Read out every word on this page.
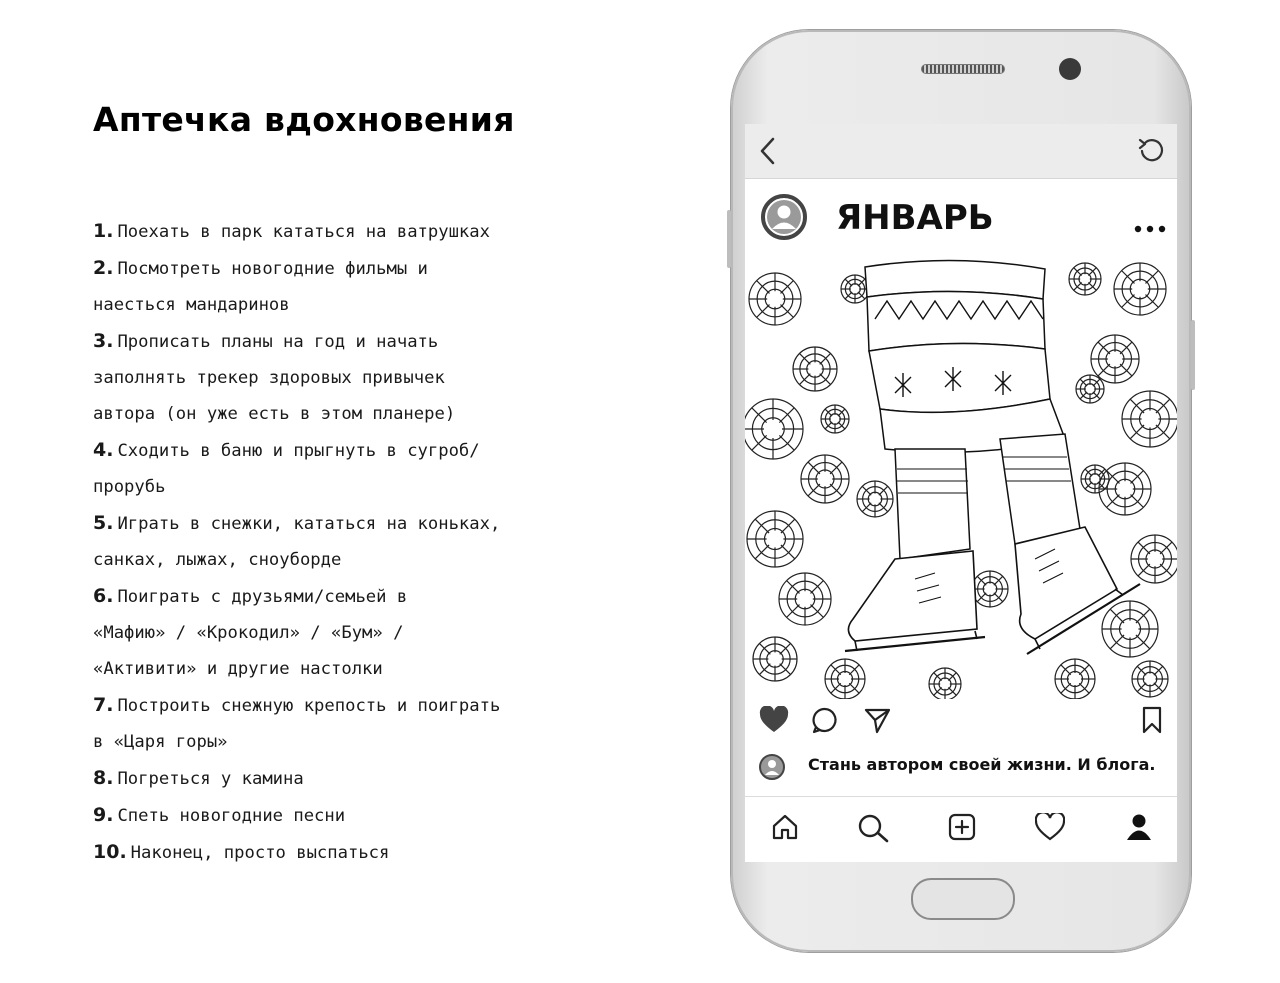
Аптечка вдохновения
1. Поехать в парк кататься на ватрушках
2. Посмотреть новогодние фильмы и
наесться мандаринов
3. Прописать планы на год и начать
заполнять трекер здоровых привычек
автора (он уже есть в этом планере)
4. Сходить в баню и прыгнуть в сугроб/
прорубь
5. Играть в снежки, кататься на коньках,
санках, лыжах, сноуборде
6. Поиграть с друзьями/семьей в
«Мафию» / «Крокодил» / «Бум» /
«Активити» и другие настолки
7. Построить снежную крепость и поиграть
в «Царя горы»
8. Погреться у камина
9. Спеть новогодние песни
10. Наконец, просто выспаться
ЯНВАРЬ
Стань автором своей жизни. И блога.
